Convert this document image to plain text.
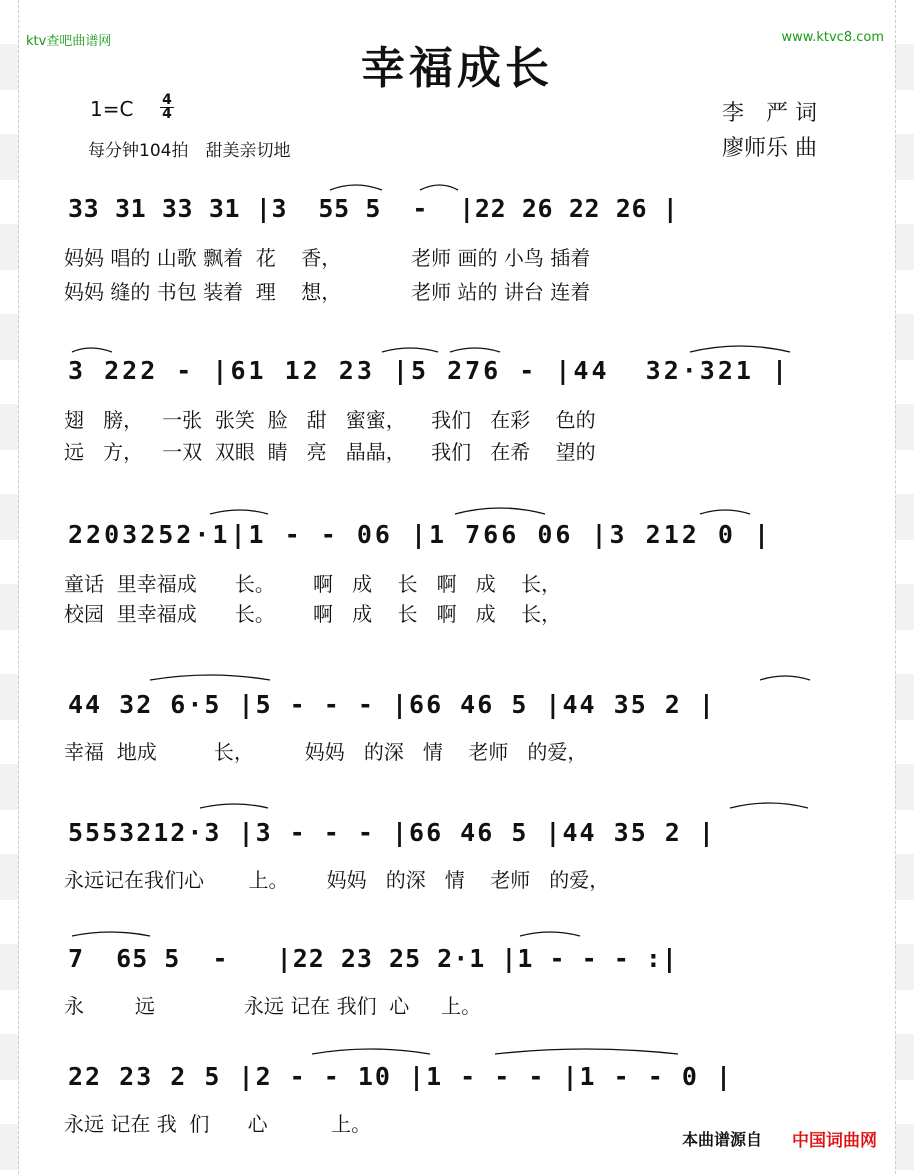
ktv查吧曲谱网	www.ktvc8.com
幸福成长
1=C 4
4
每分钟104拍　甜美亲切地
李　严 词
廖师乐 曲
33 31 33 31 |3  55 5  -  |22 26 22 26 |
妈妈 唱的 山歌 飘着  花    香，           老师 画的 小鸟 插着
妈妈 缝的 书包 装着  理    想，           老师 站的 讲台 连着
3 222 - |61 12 23 |5 276 - |44  32·321 |
翅   膀，   一张  张笑  脸   甜   蜜蜜，    我们   在彩    色的
远   方，   一双  双眼  睛   亮   晶晶，    我们   在希    望的
2203252·1|1 - - 06 |1 766 06 |3 212 0 |
童话  里幸福成      长。      啊   成    长   啊   成    长，
校园  里幸福成      长。      啊   成    长   啊   成    长，
44 32 6·5 |5 - - - |66 46 5 |44 35 2 |
幸福  地成         长，        妈妈   的深   情    老师   的爱，
5553212·3 |3 - - - |66 46 5 |44 35 2 |
永远记在我们心       上。      妈妈   的深   情    老师   的爱，
7  65 5  -   |22 23 25 2·1 |1 - - - :|
永        远              永远 记在 我们  心     上。
22 23 2 5 |2 - - 10 |1 - - - |1 - - 0 |
永远 记在 我  们      心          上。
本曲谱源自 中国词曲网
